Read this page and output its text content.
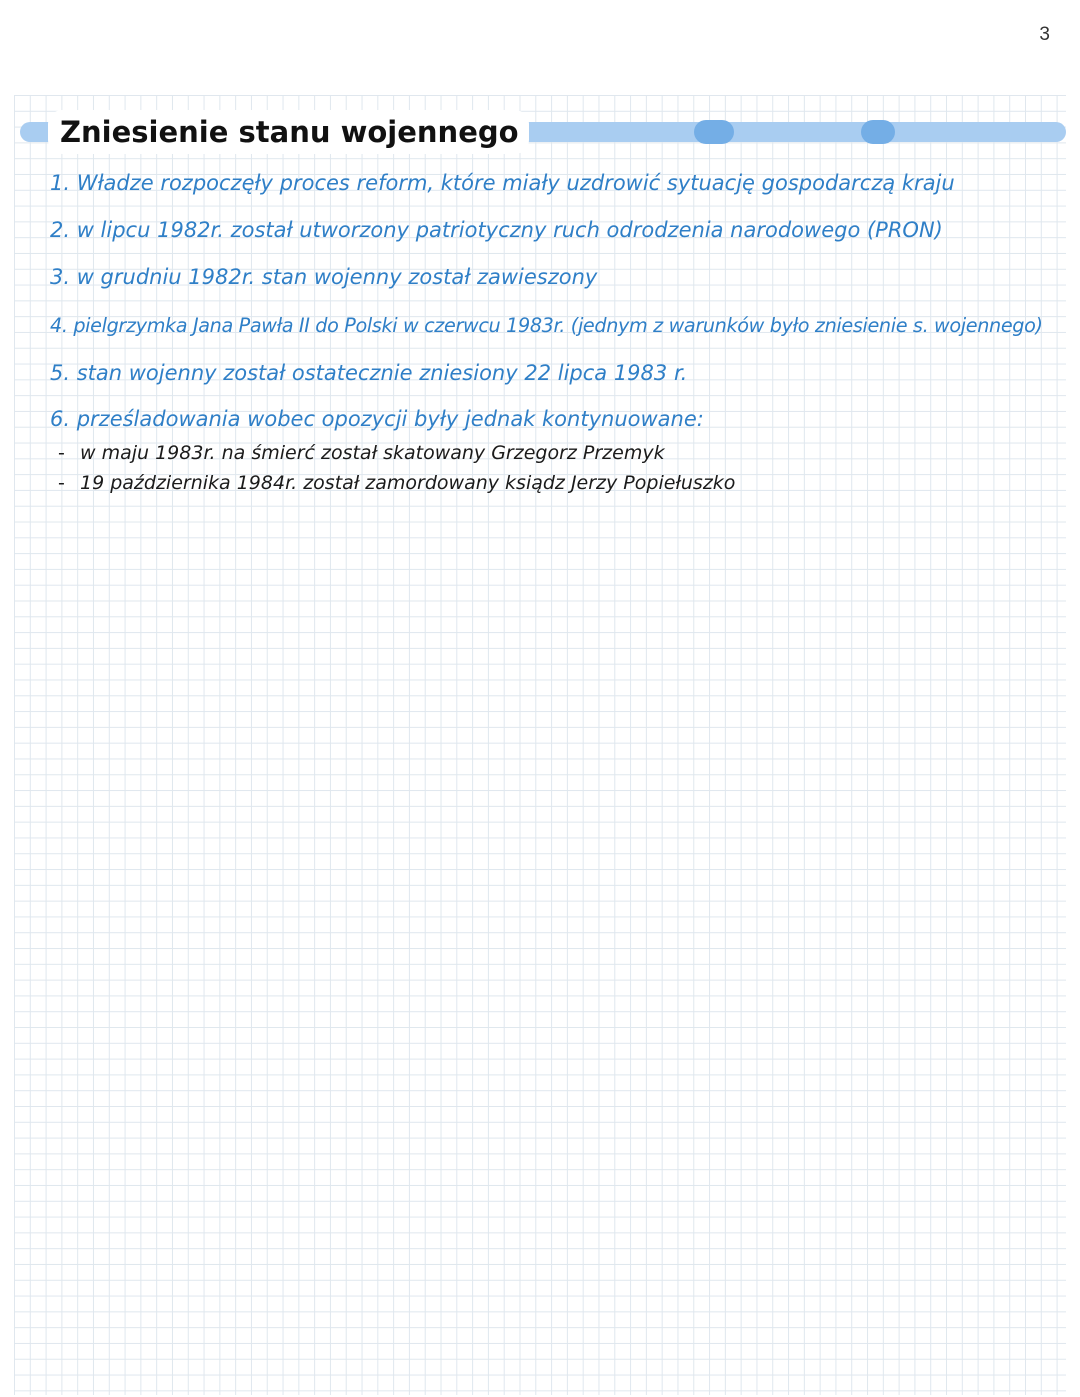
3
Zniesienie stanu wojennego
1. Władze rozpoczęły proces reform, które miały uzdrowić sytuację gospodarczą kraju
2. w lipcu 1982r. został utworzony patriotyczny ruch odrodzenia narodowego (PRON)
3. w grudniu 1982r. stan wojenny został zawieszony
4. pielgrzymka Jana Pawła II do Polski w czerwcu 1983r. (jednym z warunków było zniesienie s. wojennego)
5. stan wojenny został ostatecznie zniesiony 22 lipca 1983 r.
6. prześladowania wobec opozycji były jednak kontynuowane:
- w maju 1983r. na śmierć został skatowany Grzegorz Przemyk
- 19 października 1984r. został zamordowany ksiądz Jerzy Popiełuszko
